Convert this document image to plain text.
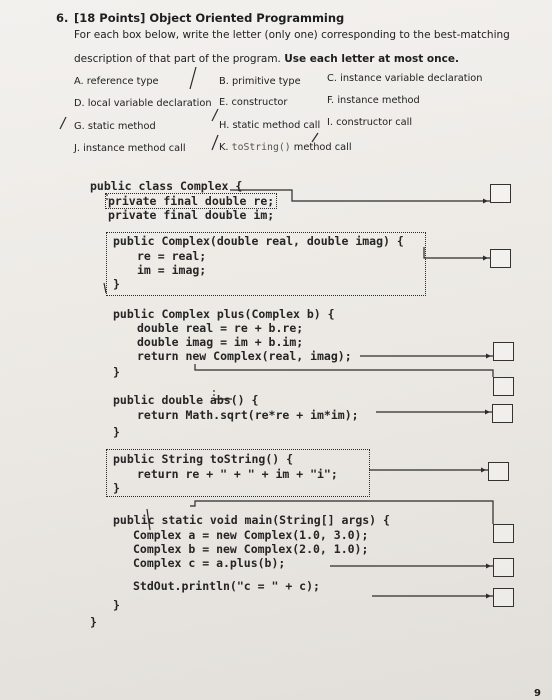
6. [18 Points] Object Oriented Programming
For each box below, write the letter (only one) corresponding to the best-matching
description of that part of the program. Use each letter at most once.
A. reference type	B. primitive type	C. instance variable declaration
D. local variable declaration E. constructor	F. instance method
G. static method	H. static method call I. constructor call
J. instance method call	K. toString() method call
public class Complex {
private final double re;
private final double im;
public Complex(double real, double imag) {
re = real;
im = imag;
}
public Complex plus(Complex b) {
double real = re + b.re;
double imag = im + b.im;
return new Complex(real, imag);
}
public double abs() {
return Math.sqrt(re*re + im*im);
}
public String toString() {
return re + " + " + im + "i";
}
public static void main(String[] args) {
Complex a = new Complex(1.0, 3.0);
Complex b = new Complex(2.0, 1.0);
Complex c = a.plus(b);
StdOut.println("c = " + c);
}
}
9
